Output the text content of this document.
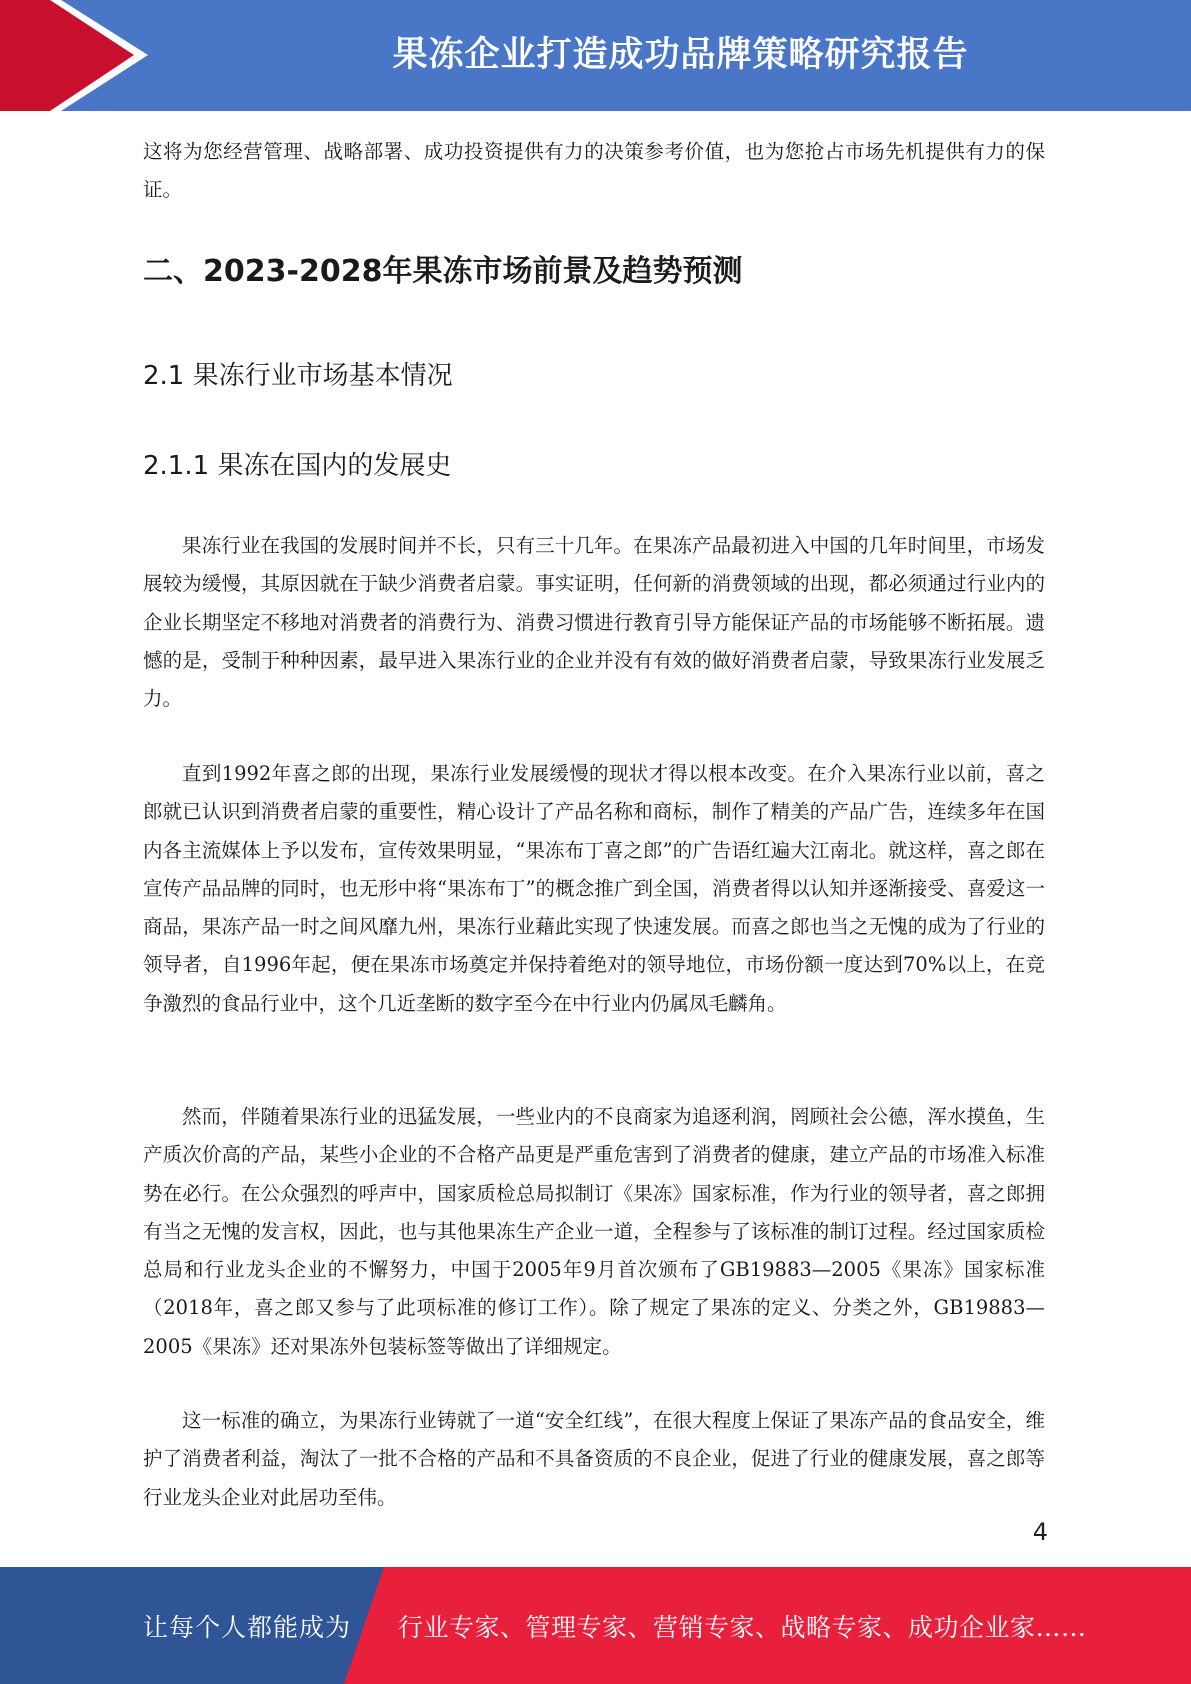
果冻企业打造成功品牌策略研究报告

这将为您经营管理、战略部署、成功投资提供有力的决策参考价值，也为您抢占市场先机提供有力的保证。

二、2023-2028年果冻市场前景及趋势预测
2.1 果冻行业市场基本情况
2.1.1 果冻在国内的发展史

果冻行业在我国的发展时间并不长，只有三十几年。在果冻产品最初进入中国的几年时间里，市场发展较为缓慢，其原因就在于缺少消费者启蒙。事实证明，任何新的消费领域的出现，都必须通过行业内的企业长期坚定不移地对消费者的消费行为、消费习惯进行教育引导方能保证产品的市场能够不断拓展。遗憾的是，受制于种种因素，最早进入果冻行业的企业并没有有效的做好消费者启蒙，导致果冻行业发展乏力。

直到1992年喜之郎的出现，果冻行业发展缓慢的现状才得以根本改变。在介入果冻行业以前，喜之郎就已认识到消费者启蒙的重要性，精心设计了产品名称和商标，制作了精美的产品广告，连续多年在国内各主流媒体上予以发布，宣传效果明显，“果冻布丁喜之郎”的广告语红遍大江南北。就这样，喜之郎在宣传产品品牌的同时，也无形中将“果冻布丁”的概念推广到全国，消费者得以认知并逐渐接受、喜爱这一商品，果冻产品一时之间风靡九州，果冻行业藉此实现了快速发展。而喜之郎也当之无愧的成为了行业的领导者，自1996年起，便在果冻市场奠定并保持着绝对的领导地位，市场份额一度达到70%以上，在竞争激烈的食品行业中，这个几近垄断的数字至今在中行业内仍属凤毛麟角。

然而，伴随着果冻行业的迅猛发展，一些业内的不良商家为追逐利润，罔顾社会公德，浑水摸鱼，生产质次价高的产品，某些小企业的不合格产品更是严重危害到了消费者的健康，建立产品的市场准入标准势在必行。在公众强烈的呼声中，国家质检总局拟制订《果冻》国家标准，作为行业的领导者，喜之郎拥有当之无愧的发言权，因此，也与其他果冻生产企业一道，全程参与了该标准的制订过程。经过国家质检总局和行业龙头企业的不懈努力，中国于2005年9月首次颁布了GB19883—2005《果冻》国家标准（2018年，喜之郎又参与了此项标准的修订工作）。除了规定了果冻的定义、分类之外，GB19883—2005《果冻》还对果冻外包装标签等做出了详细规定。

这一标准的确立，为果冻行业铸就了一道“安全红线”，在很大程度上保证了果冻产品的食品安全，维护了消费者利益，淘汰了一批不合格的产品和不具备资质的不良企业，促进了行业的健康发展，喜之郎等行业龙头企业对此居功至伟。

4
让每个人都能成为 行业专家、管理专家、营销专家、战略专家、成功企业家……
